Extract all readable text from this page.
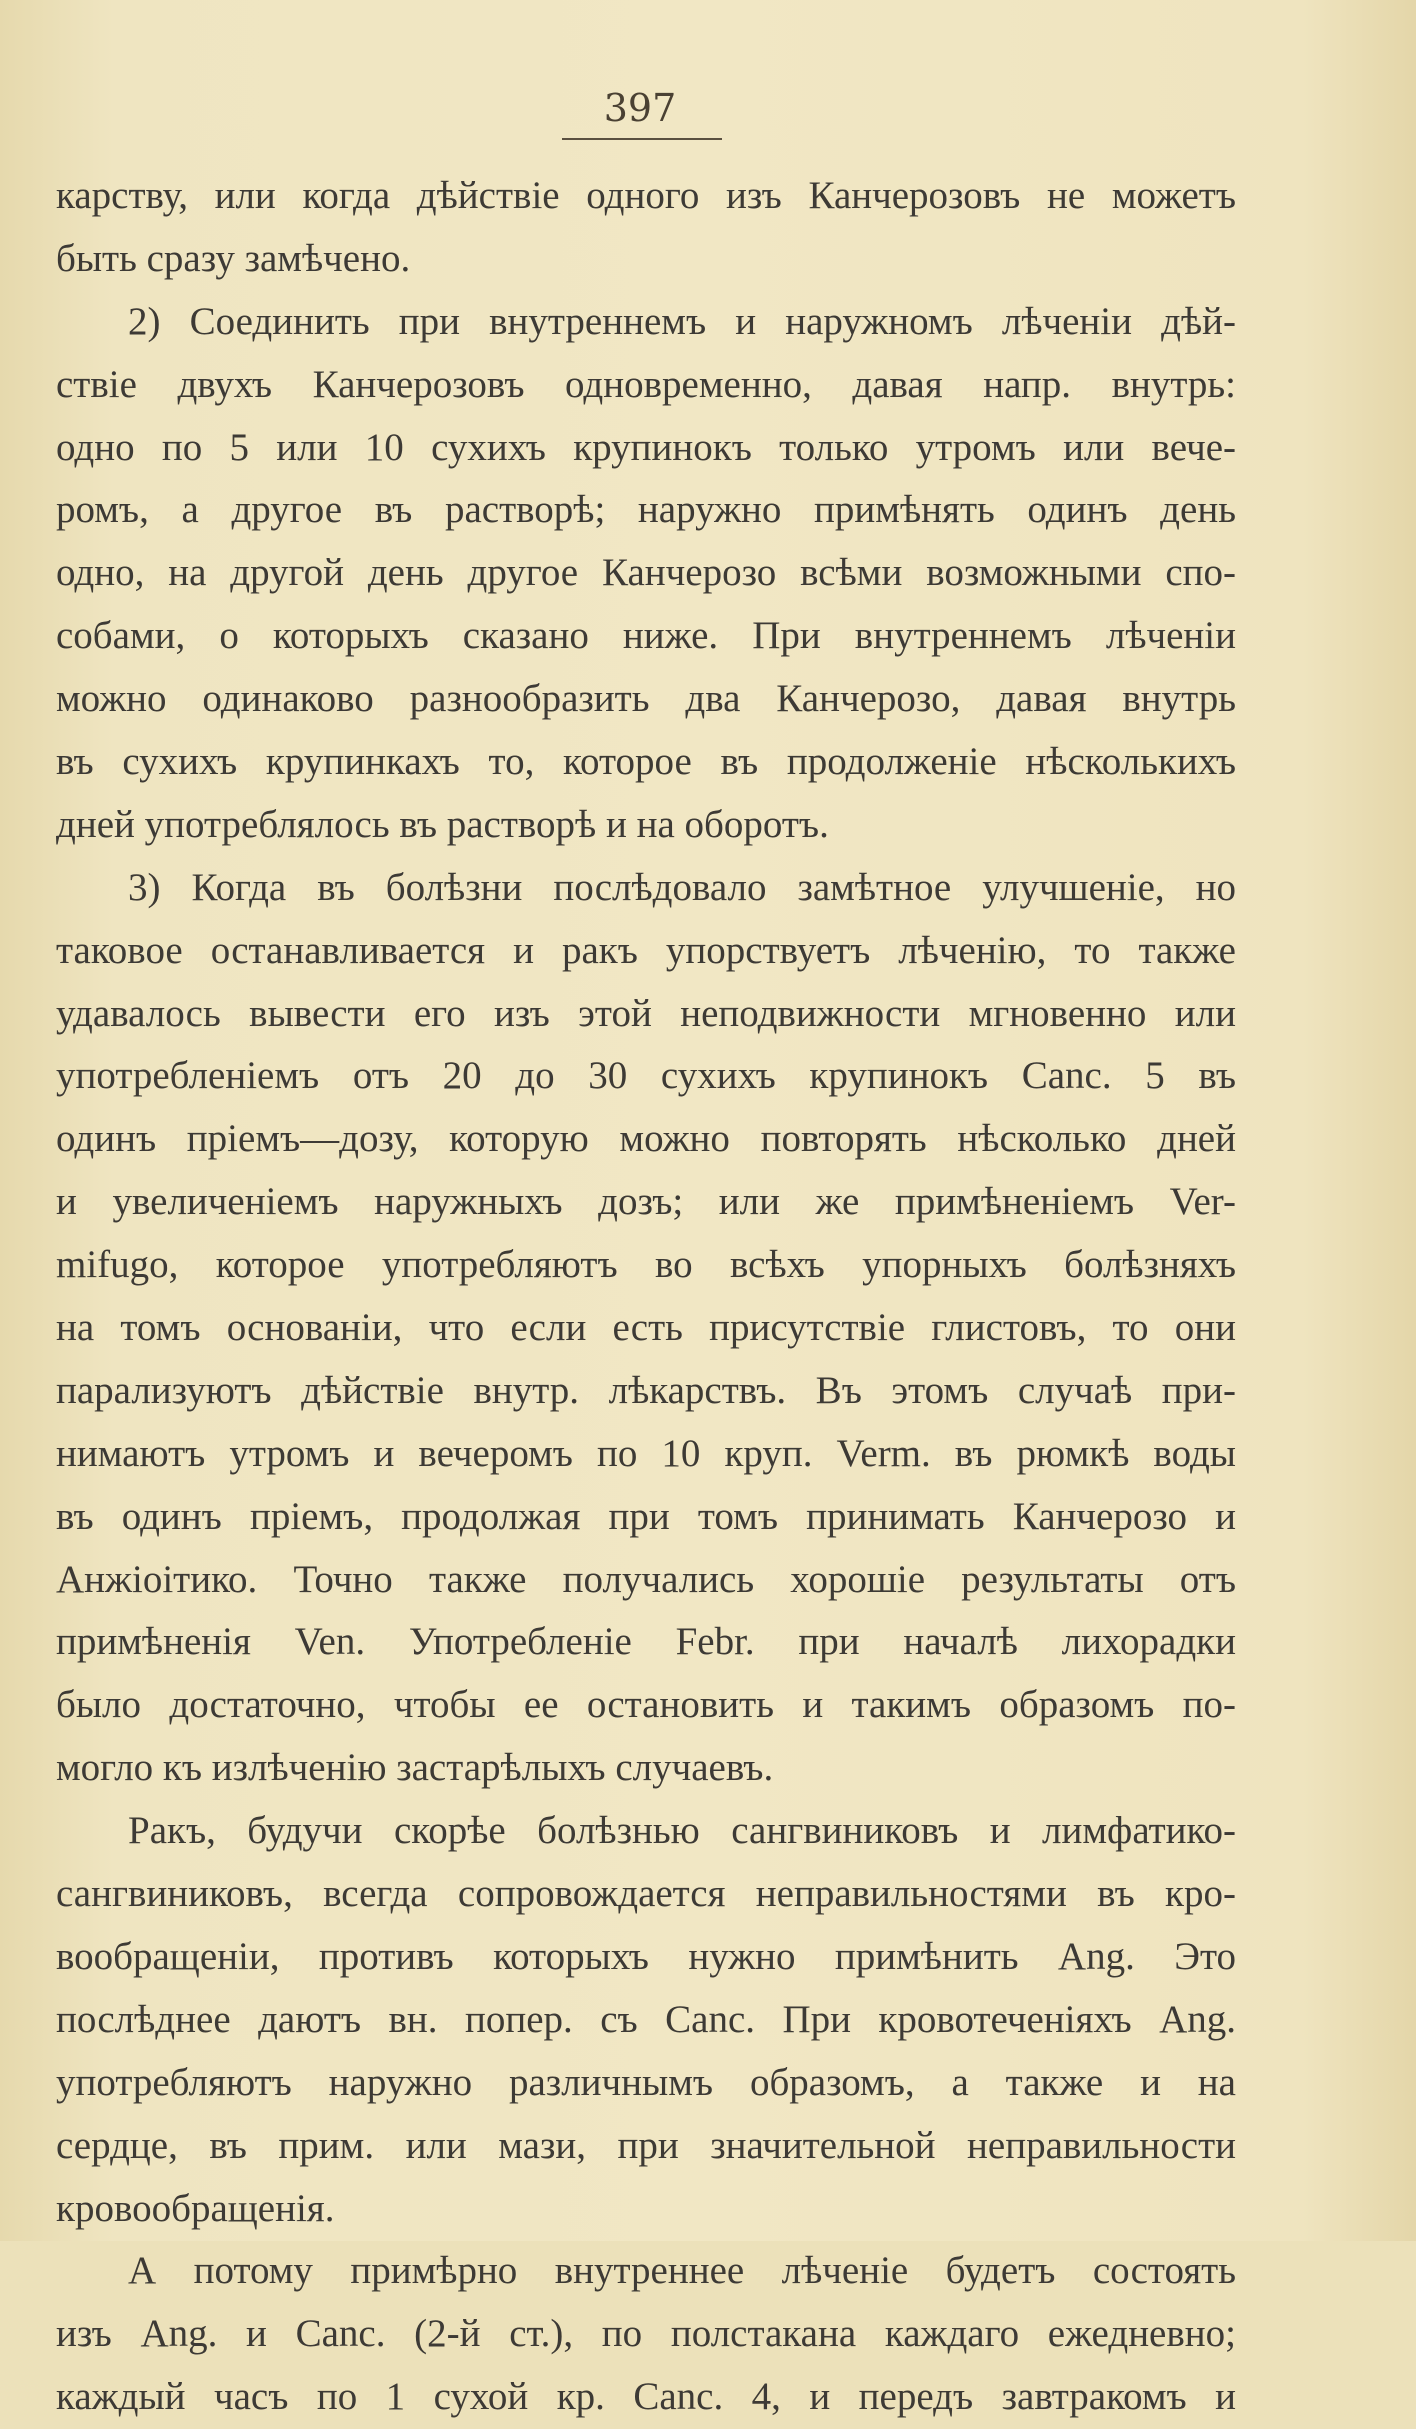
397
карству, или когда дѣйствіе одного изъ Канчерозовъ не можетъ
быть сразу замѣчено.
2) Соединить при внутреннемъ и наружномъ лѣченіи дѣй-
ствіе двухъ Канчерозовъ одновременно, давая напр. внутрь:
одно по 5 или 10 сухихъ крупинокъ только утромъ или вече-
ромъ, а другое въ растворѣ; наружно примѣнять одинъ день
одно, на другой день другое Канчерозо всѣми возможными спо-
собами, о которыхъ сказано ниже. При внутреннемъ лѣченіи
можно одинаково разнообразить два Канчерозо, давая внутрь
въ сухихъ крупинкахъ то, которое въ продолженіе нѣсколькихъ
дней употреблялось въ растворѣ и на оборотъ.
3) Когда въ болѣзни послѣдовало замѣтное улучшеніе, но
таковое останавливается и ракъ упорствуетъ лѣченію, то также
удавалось вывести его изъ этой неподвижности мгновенно или
употребленіемъ отъ 20 до 30 сухихъ крупинокъ Canc. 5 въ
одинъ пріемъ—дозу, которую можно повторять нѣсколько дней
и увеличеніемъ наружныхъ дозъ; или же примѣненіемъ Ver-
mifugo, которое употребляютъ во всѣхъ упорныхъ болѣзняхъ
на томъ основаніи, что если есть присутствіе глистовъ, то они
парализуютъ дѣйствіе внутр. лѣкарствъ. Въ этомъ случаѣ при-
нимаютъ утромъ и вечеромъ по 10 круп. Verm. въ рюмкѣ воды
въ одинъ пріемъ, продолжая при томъ принимать Канчерозо и
Анжіоітико. Точно также получались хорошіе результаты отъ
примѣненія Ven. Употребленіе Febr. при началѣ лихорадки
было достаточно, чтобы ее остановить и такимъ образомъ по-
могло къ излѣченію застарѣлыхъ случаевъ.
Ракъ, будучи скорѣе болѣзнью сангвиниковъ и лимфатико-
сангвиниковъ, всегда сопровождается неправильностями въ кро-
вообращеніи, противъ которыхъ нужно примѣнить Ang. Это
послѣднее даютъ вн. попер. съ Canc. При кровотеченіяхъ Ang.
употребляютъ наружно различнымъ образомъ, а также и на
сердце, въ прим. или мази, при значительной неправильности
кровообращенія.
А потому примѣрно внутреннее лѣченіе будетъ состоять
изъ Ang. и Canc. (2-й ст.), по полстакана каждаго ежедневно;
каждый часъ по 1 сухой кр. Canc. 4, и передъ завтракомъ и
